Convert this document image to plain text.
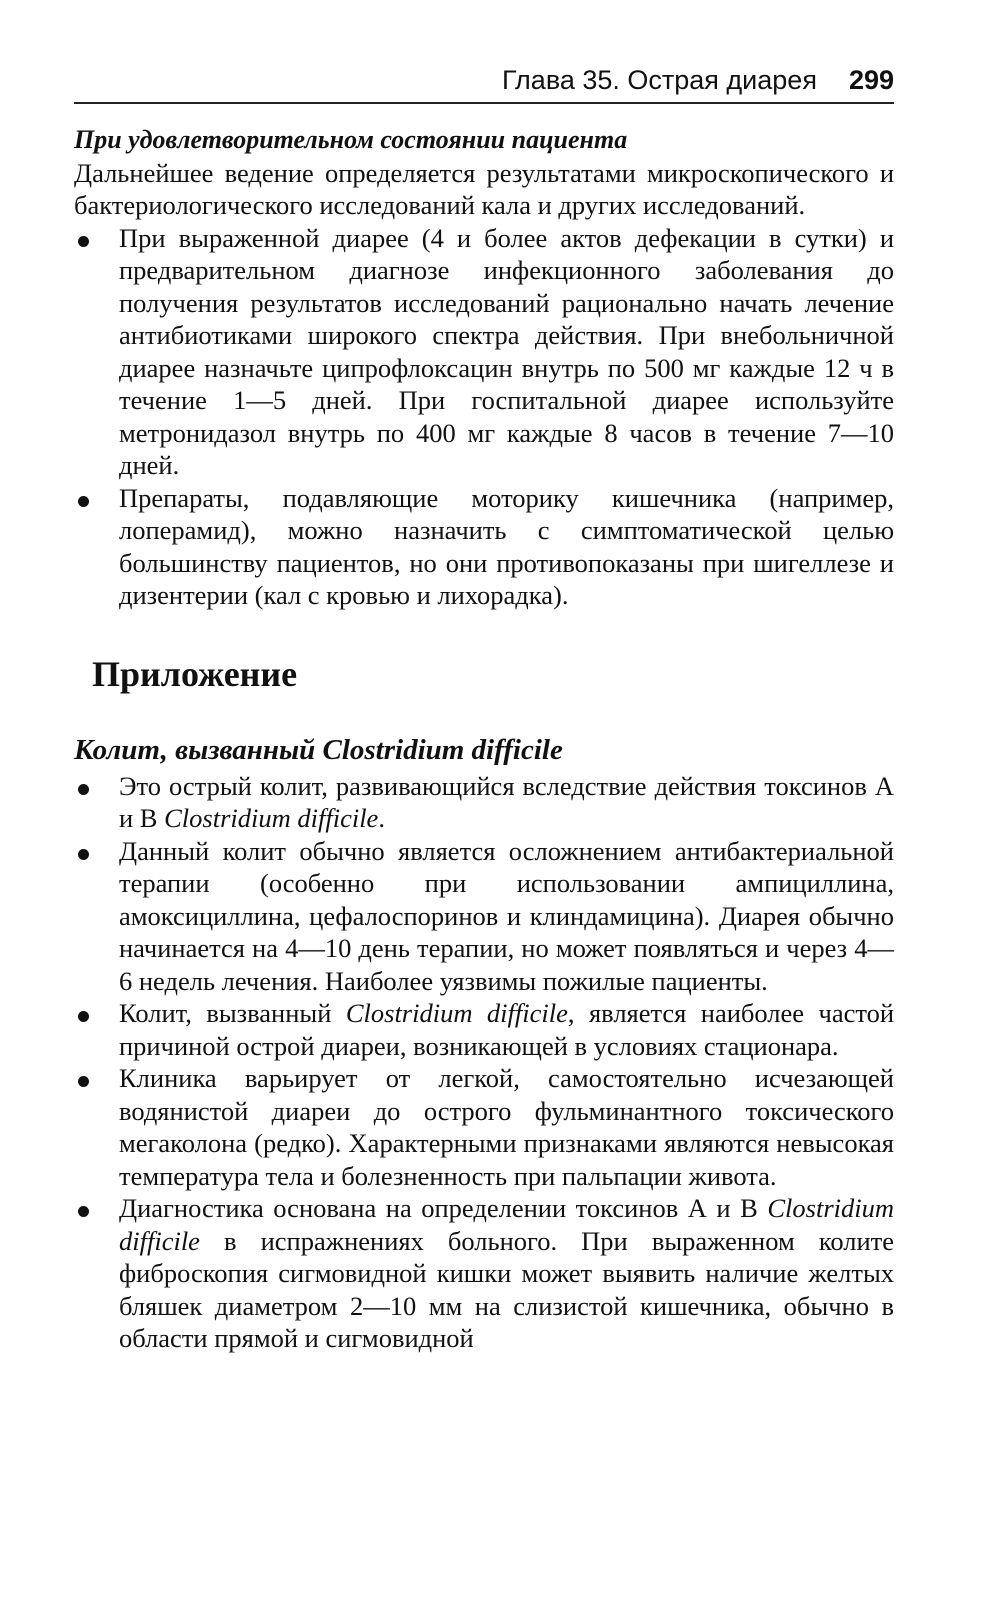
Глава 35. Острая диарея 299

При удовлетворительном состоянии пациента

Дальнейшее ведение определяется результатами микроскопического и бактериологического исследований кала и других исследований.

При выраженной диарее (4 и более актов дефекации в сутки) и предварительном диагнозе инфекционного заболевания до получения результатов исследований рационально начать лечение антибиотиками широкого спектра действия. При внебольничной диарее назначьте ципрофлоксацин внутрь по 500 мг каждые 12 ч в течение 1—5 дней. При госпитальной диарее используйте метронидазол внутрь по 400 мг каждые 8 часов в течение 7—10 дней.
Препараты, подавляющие моторику кишечника (например, лоперамид), можно назначить с симптоматической целью большинству пациентов, но они противопоказаны при шигеллезе и дизентерии (кал с кровью и лихорадка).
Приложение

Колит, вызванный Clostridium difficile

Это острый колит, развивающийся вследствие действия токсинов А и В Clostridium difficile.
Данный колит обычно является осложнением антибактериальной терапии (особенно при использовании ампициллина, амоксициллина, цефалоспоринов и клиндамицина). Диарея обычно начинается на 4—10 день терапии, но может появляться и через 4—6 недель лечения. Наиболее уязвимы пожилые пациенты.
Колит, вызванный Clostridium difficile, является наиболее частой причиной острой диареи, возникающей в условиях стационара.
Клиника варьирует от легкой, самостоятельно исчезающей водянистой диареи до острого фульминантного токсического мегаколона (редко). Характерными признаками являются невысокая температура тела и болезненность при пальпации живота.
Диагностика основана на определении токсинов А и В Clostridium difficile в испражнениях больного. При выраженном колите фиброскопия сигмовидной кишки может выявить наличие желтых бляшек диаметром 2—10 мм на слизистой кишечника, обычно в области прямой и сигмовидной
